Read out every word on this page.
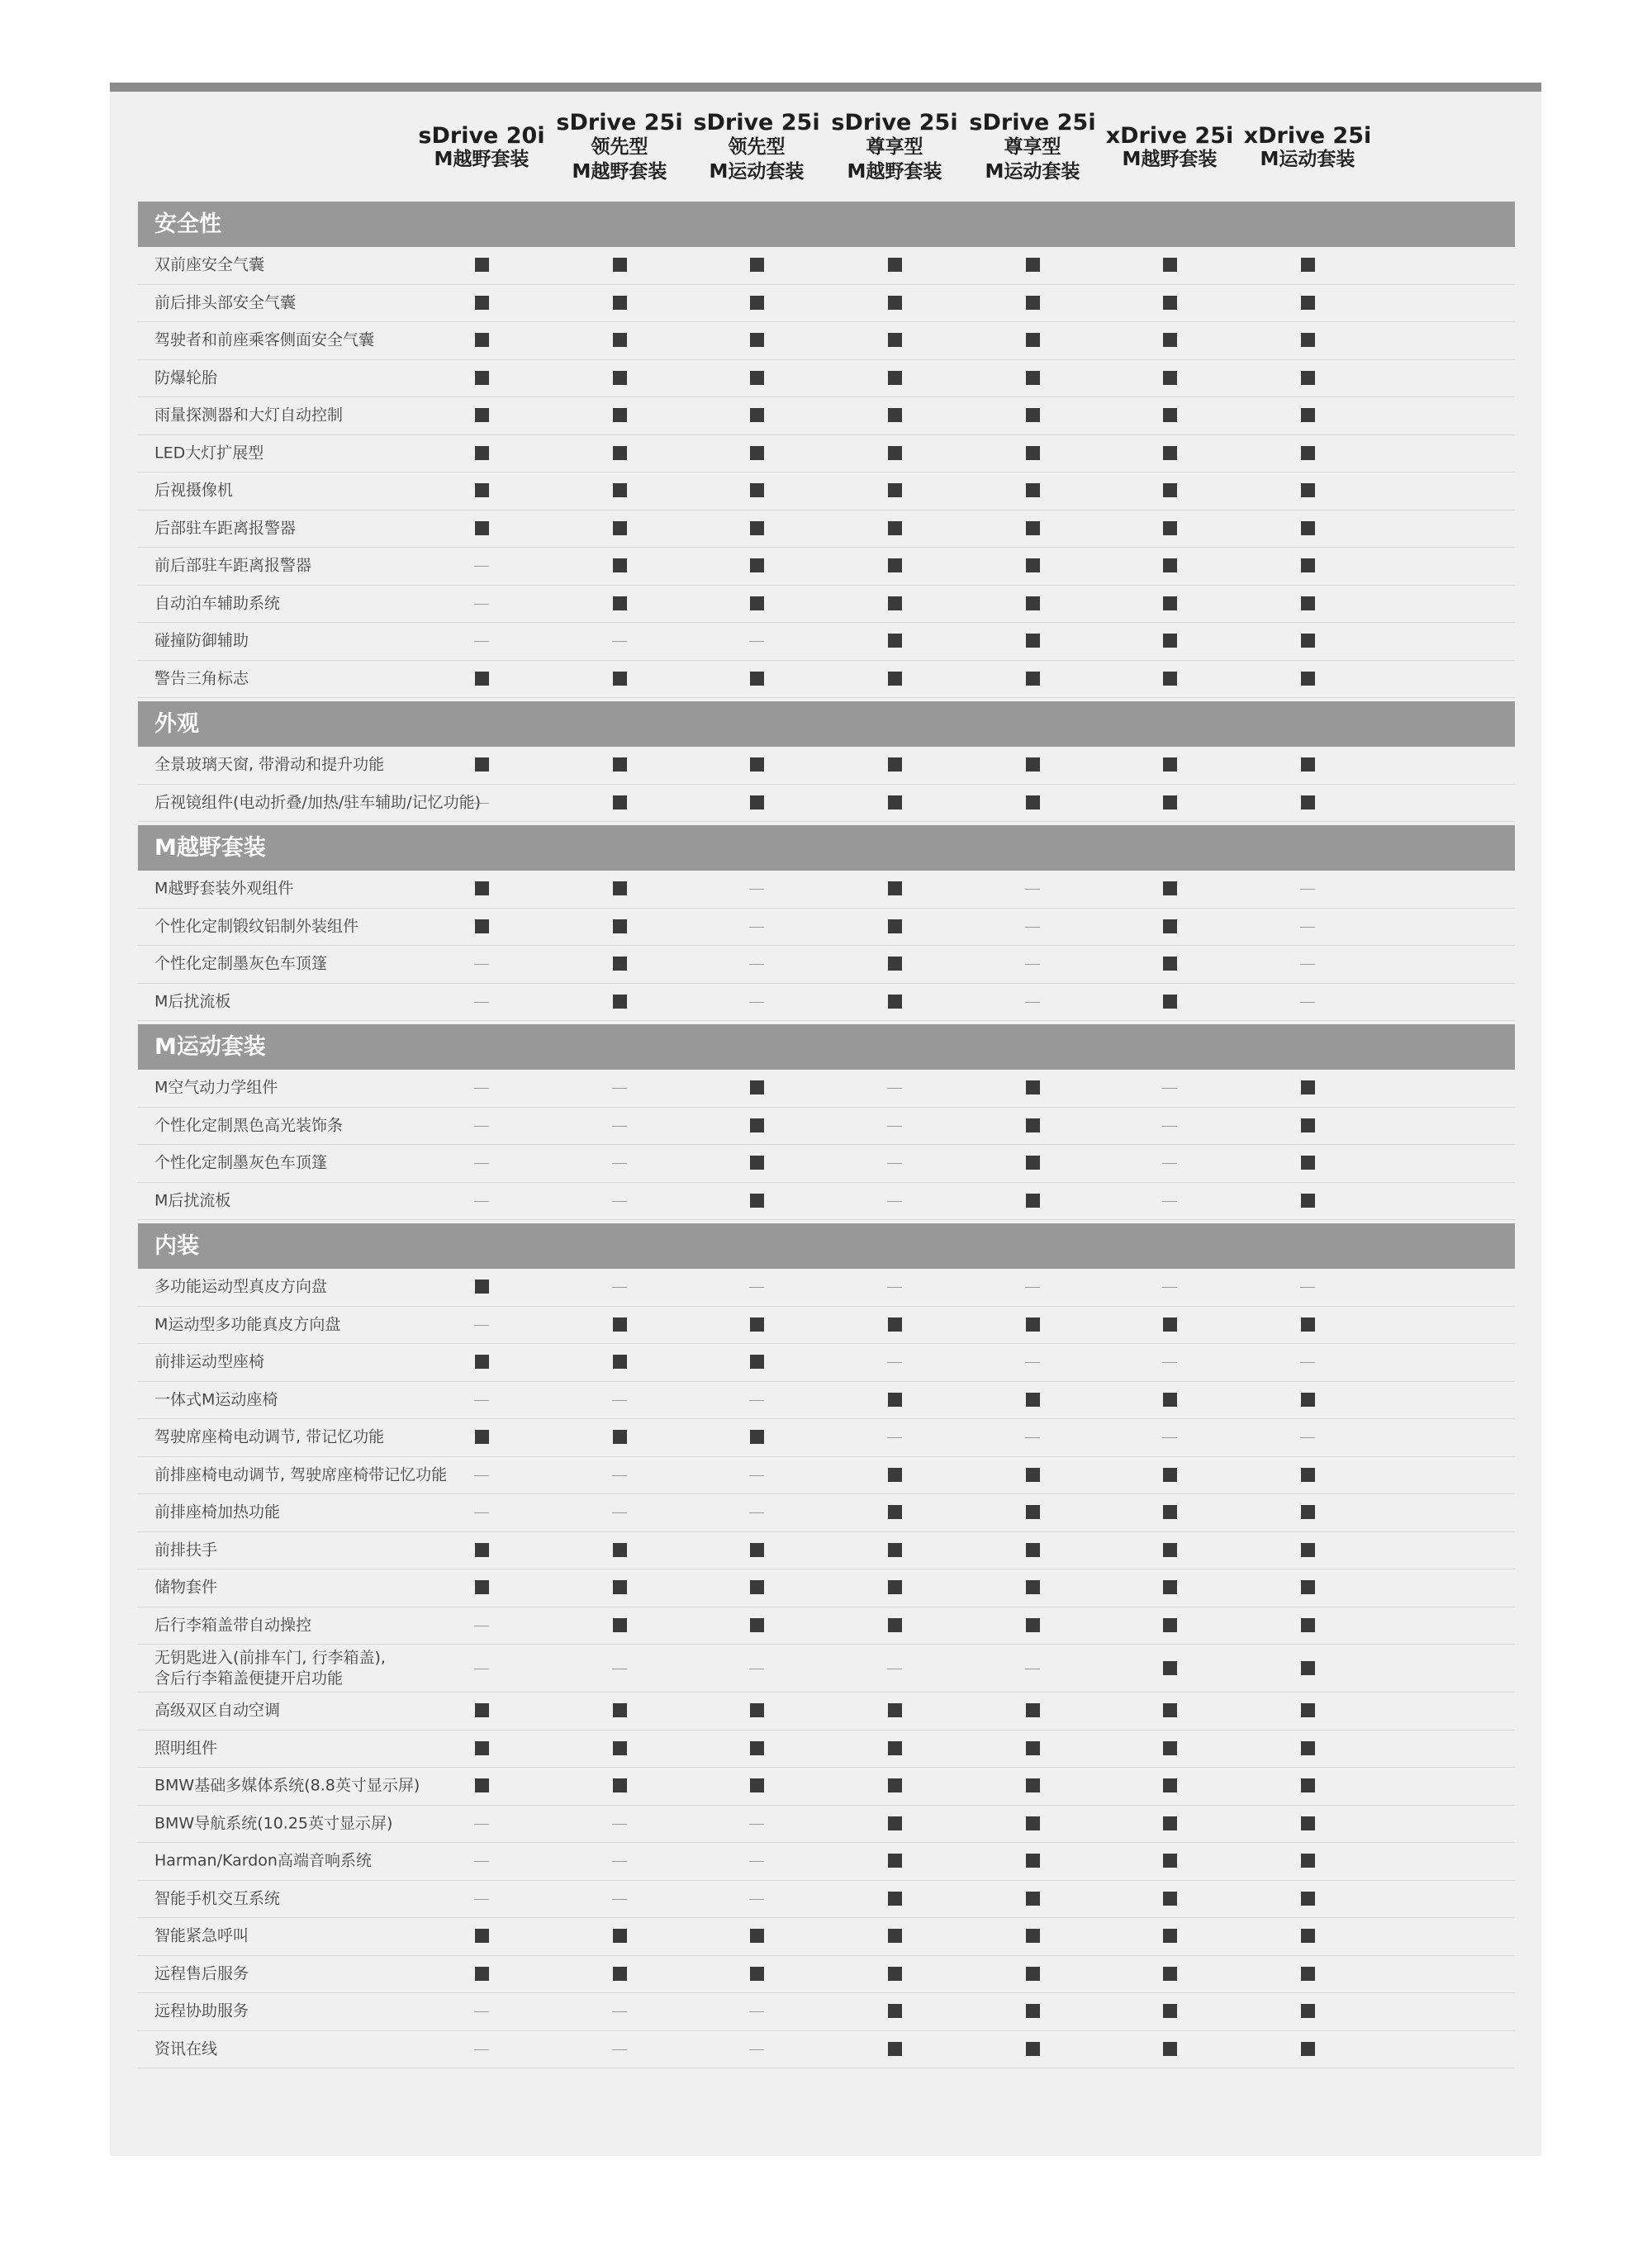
sDrive 20i
M越野套装
sDrive 25i
领先型
M越野套装
sDrive 25i
领先型
M运动套装
sDrive 25i
尊享型
M越野套装
sDrive 25i
尊享型
M运动套装
xDrive 25i
M越野套装
xDrive 25i
M运动套装
安全性
双前座安全气囊
前后排头部安全气囊
驾驶者和前座乘客侧面安全气囊
防爆轮胎
雨量探测器和大灯自动控制
LED大灯扩展型
后视摄像机
后部驻车距离报警器
前后部驻车距离报警器
自动泊车辅助系统
碰撞防御辅助
警告三角标志
外观
全景玻璃天窗, 带滑动和提升功能
后视镜组件(电动折叠/加热/驻车辅助/记忆功能)
M越野套装
M越野套装外观组件
个性化定制锻纹铝制外装组件
个性化定制墨灰色车顶篷
M后扰流板
M运动套装
M空气动力学组件
个性化定制黑色高光装饰条
个性化定制墨灰色车顶篷
M后扰流板
内装
多功能运动型真皮方向盘
M运动型多功能真皮方向盘
前排运动型座椅
一体式M运动座椅
驾驶席座椅电动调节, 带记忆功能
前排座椅电动调节, 驾驶席座椅带记忆功能
前排座椅加热功能
前排扶手
储物套件
后行李箱盖带自动操控
无钥匙进入(前排车门, 行李箱盖),
含后行李箱盖便捷开启功能
高级双区自动空调
照明组件
BMW基础多媒体系统(8.8英寸显示屏)
BMW导航系统(10.25英寸显示屏)
Harman/Kardon高端音响系统
智能手机交互系统
智能紧急呼叫
远程售后服务
远程协助服务
资讯在线
